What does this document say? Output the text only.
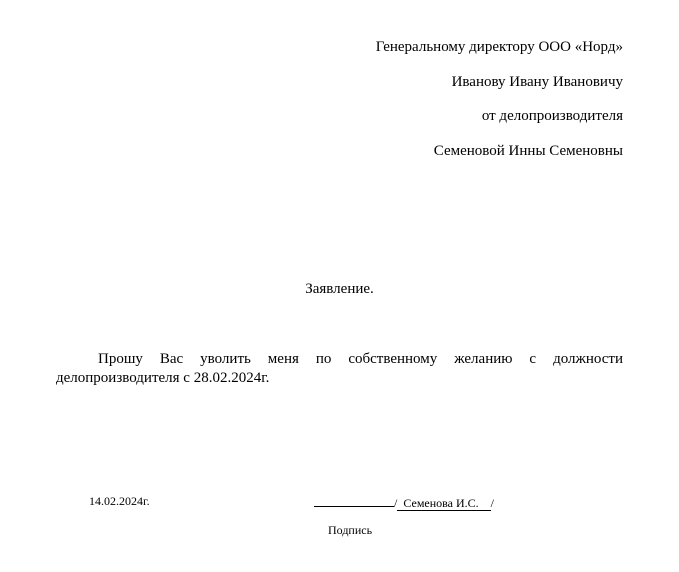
Генеральному директору ООО «Норд»
Иванову Ивану Ивановичу
от делопроизводителя
Семеновой Инны Семеновны
Заявление.
Прошу Вас уволить меня по собственному желанию с должности
делопроизводителя с 28.02.2024г.
14.02.2024г.	/ Семенова И.С. /
Подпись
